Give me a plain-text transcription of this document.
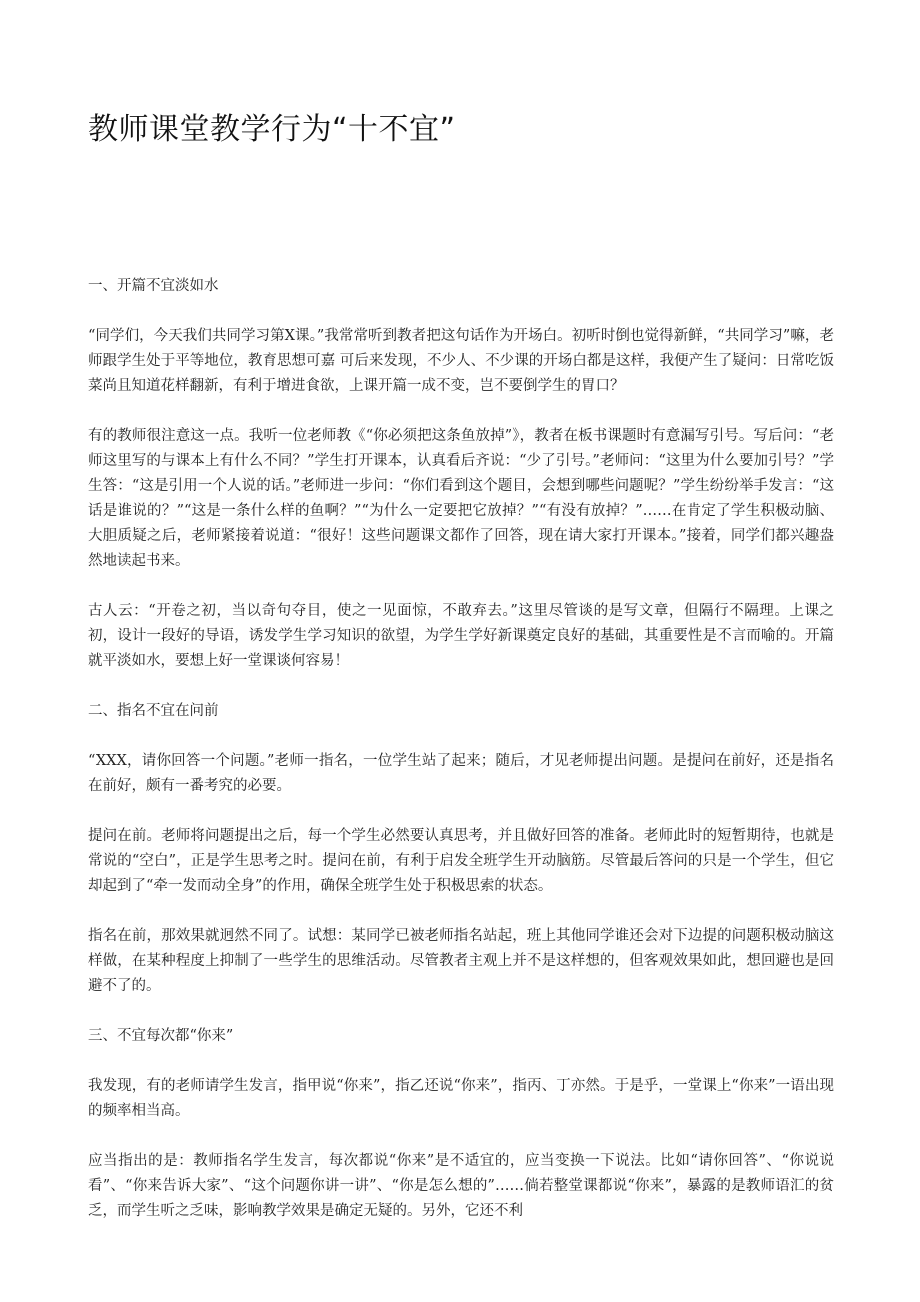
教师课堂教学行为“十不宜”

一、开篇不宜淡如水

“同学们，今天我们共同学习第X课。”我常常听到教者把这句话作为开场白。初听时倒也觉得新鲜，“共同学习”嘛，老师跟学生处于平等地位，教育思想可嘉 可后来发现，不少人、不少课的开场白都是这样，我便产生了疑问：日常吃饭菜尚且知道花样翻新，有利于增进食欲，上课开篇一成不变，岂不要倒学生的胃口？

有的教师很注意这一点。我听一位老师教《“你必须把这条鱼放掉”》，教者在板书课题时有意漏写引号。写后问：“老师这里写的与课本上有什么不同？”学生打开课本，认真看后齐说：“少了引号。”老师问：“这里为什么要加引号？”学生答：“这是引用一个人说的话。”老师进一步问：“你们看到这个题目，会想到哪些问题呢？”学生纷纷举手发言：“这话是谁说的？”“这是一条什么样的鱼啊？”“为什么一定要把它放掉？”“有没有放掉？”……在肯定了学生积极动脑、大胆质疑之后，老师紧接着说道：“很好！这些问题课文都作了回答，现在请大家打开课本。”接着，同学们都兴趣盎然地读起书来。

古人云：“开卷之初，当以奇句夺目，使之一见面惊，不敢弃去。”这里尽管谈的是写文章，但隔行不隔理。上课之初，设计一段好的导语，诱发学生学习知识的欲望，为学生学好新课奠定良好的基础，其重要性是不言而喻的。开篇就平淡如水，要想上好一堂课谈何容易！

二、指名不宜在问前

“XXX，请你回答一个问题。”老师一指名，一位学生站了起来；随后，才见老师提出问题。是提问在前好，还是指名在前好，颇有一番考究的必要。

提问在前。老师将问题提出之后，每一个学生必然要认真思考，并且做好回答的准备。老师此时的短暂期待，也就是常说的“空白”，正是学生思考之时。提问在前，有利于启发全班学生开动脑筋。尽管最后答问的只是一个学生，但它却起到了“牵一发而动全身”的作用，确保全班学生处于积极思索的状态。

指名在前，那效果就迥然不同了。试想：某同学已被老师指名站起，班上其他同学谁还会对下边提的问题积极动脑这样做，在某种程度上抑制了一些学生的思维活动。尽管教者主观上并不是这样想的，但客观效果如此，想回避也是回避不了的。

三、不宜每次都“你来”

我发现，有的老师请学生发言，指甲说“你来”，指乙还说“你来”，指丙、丁亦然。于是乎，一堂课上“你来”一语出现的频率相当高。

应当指出的是：教师指名学生发言，每次都说“你来”是不适宜的，应当变换一下说法。比如“请你回答”、“你说说看”、“你来告诉大家”、“这个问题你讲一讲”、“你是怎么想的”……倘若整堂课都说“你来”，暴露的是教师语汇的贫乏，而学生听之乏味，影响教学效果是确定无疑的。另外，它还不利
